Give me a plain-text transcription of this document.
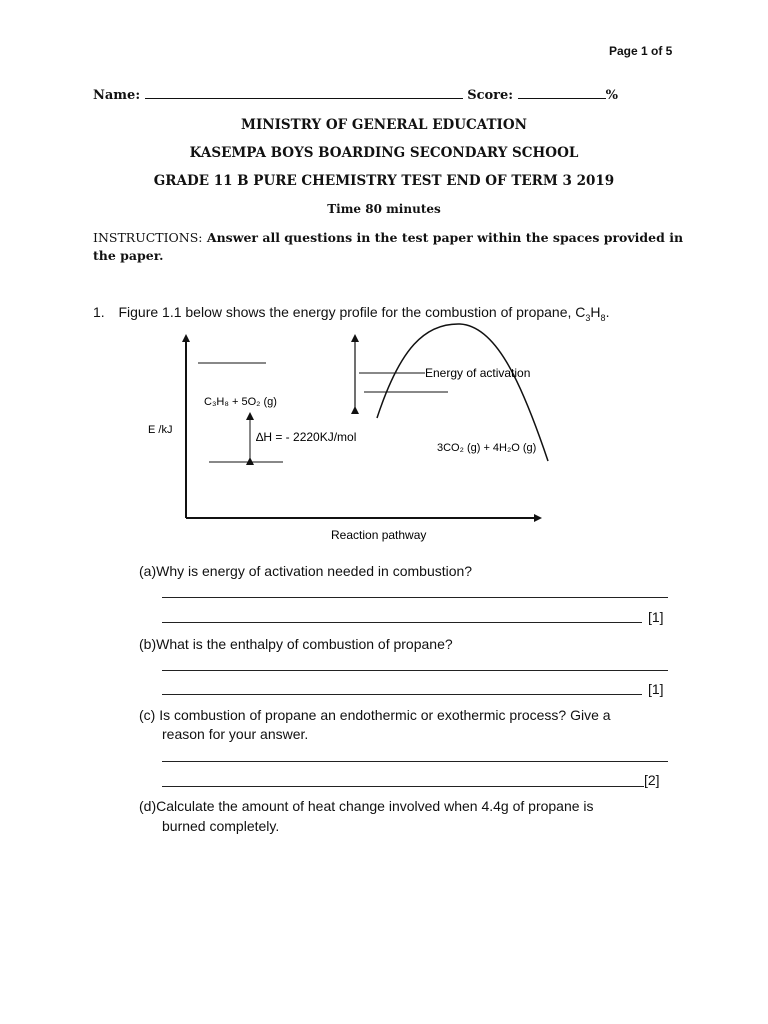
Page 1 of 5
Name:	Score:	%
MINISTRY OF GENERAL EDUCATION
KASEMPA BOYS BOARDING SECONDARY SCHOOL
GRADE 11 B PURE CHEMISTRY TEST END OF TERM 3 2019
Time 80 minutes
INSTRUCTIONS: Answer all questions in the test paper within the spaces provided in
the paper.
1. Figure 1.1 below shows the energy profile for the combustion of propane, $C_3H_8$.
Energy of activation
C₃H₈ + 5O₂ (g)
E /kJ	∆H = - 2220KJ/mol
3CO₂ (g) + 4H₂O (g)
Reaction pathway
(a)Why is energy of activation needed in combustion?
[1]
(b)What is the enthalpy of combustion of propane?
[1]
(c) Is combustion of propane an endothermic or exothermic process? Give a
reason for your answer.
[2]
(d)Calculate the amount of heat change involved when 4.4g of propane is
burned completely.
